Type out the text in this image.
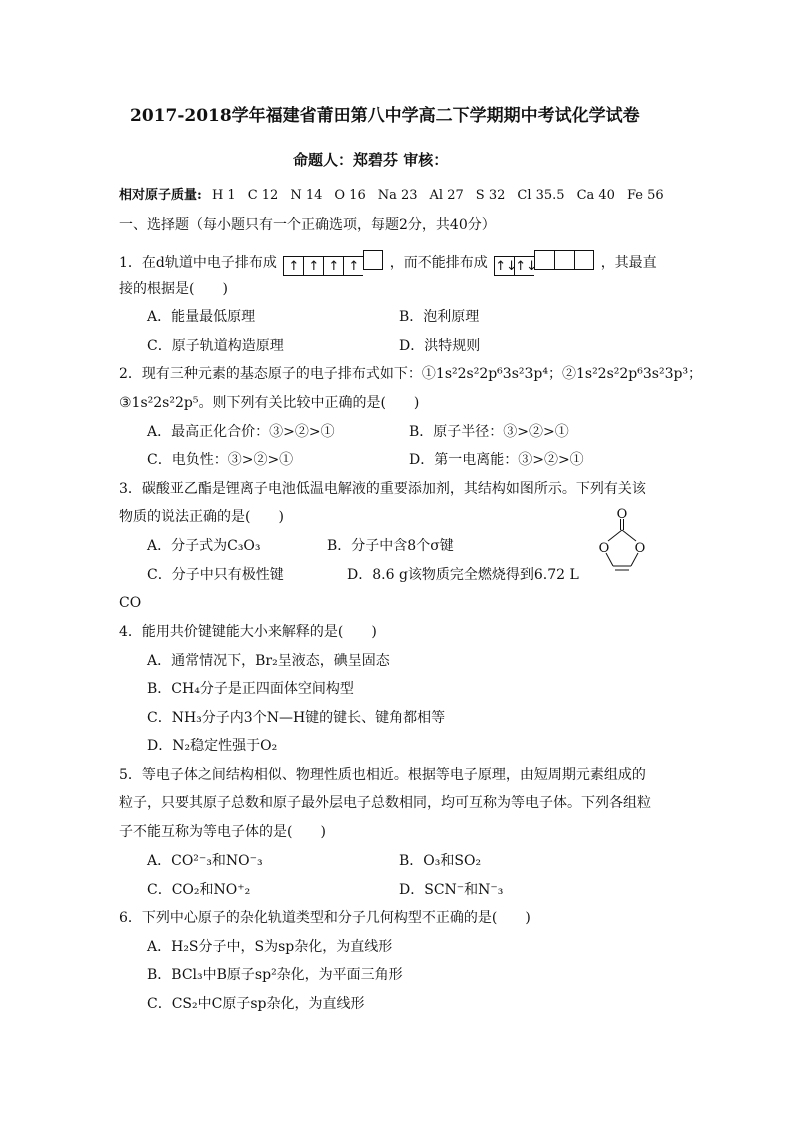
2017-2018学年福建省莆田第八中学高二下学期期中考试化学试卷
命题人：郑碧芬 审核：
相对原子质量: H 1 C 12 N 14 O 16 Na 23 Al 27 S 32 Cl 35.5 Ca 40 Fe 56
一、选择题（每小题只有一个正确选项，每题2分，共40分）
1．在d轨道中电子排布成 ↑ ↑ ↑ ↑ ，而不能排布成 ↑↓↑↓	，其最直
接的根据是(　　)
A．能量最低原理	B．泡利原理
C．原子轨道构造原理	D．洪特规则
2．现有三种元素的基态原子的电子排布式如下：①1s²2s²2p⁶3s²3p⁴；②1s²2s²2p⁶3s²3p³；
③1s²2s²2p⁵。则下列有关比较中正确的是(　　)
A．最高正化合价：③>②>①	B．原子半径：③>②>①
C．电负性：③>②>①	D．第一电离能：③>②>①
3．碳酸亚乙酯是锂离子电池低温电解液的重要添加剂，其结构如图所示。下列有关该
物质的说法正确的是(　　)
A．分子式为C₃O₃	B．分子中含8个σ键
C．分子中只有极性键	D．8.6 g该物质完全燃烧得到6.72 L
CO
O
O O
4．能用共价键键能大小来解释的是(　　)
A．通常情况下，Br₂呈液态，碘呈固态
B．CH₄分子是正四面体空间构型
C．NH₃分子内3个N—H键的键长、键角都相等
D．N₂稳定性强于O₂
5．等电子体之间结构相似、物理性质也相近。根据等电子原理，由短周期元素组成的
粒子，只要其原子总数和原子最外层电子总数相同，均可互称为等电子体。下列各组粒
子不能互称为等电子体的是(　　)
A．CO²⁻₃和NO⁻₃	B．O₃和SO₂
C．CO₂和NO⁺₂	D．SCN⁻和N⁻₃
6．下列中心原子的杂化轨道类型和分子几何构型不正确的是(　　)
A．H₂S分子中，S为sp杂化，为直线形
B．BCl₃中B原子sp²杂化，为平面三角形
C．CS₂中C原子sp杂化，为直线形
